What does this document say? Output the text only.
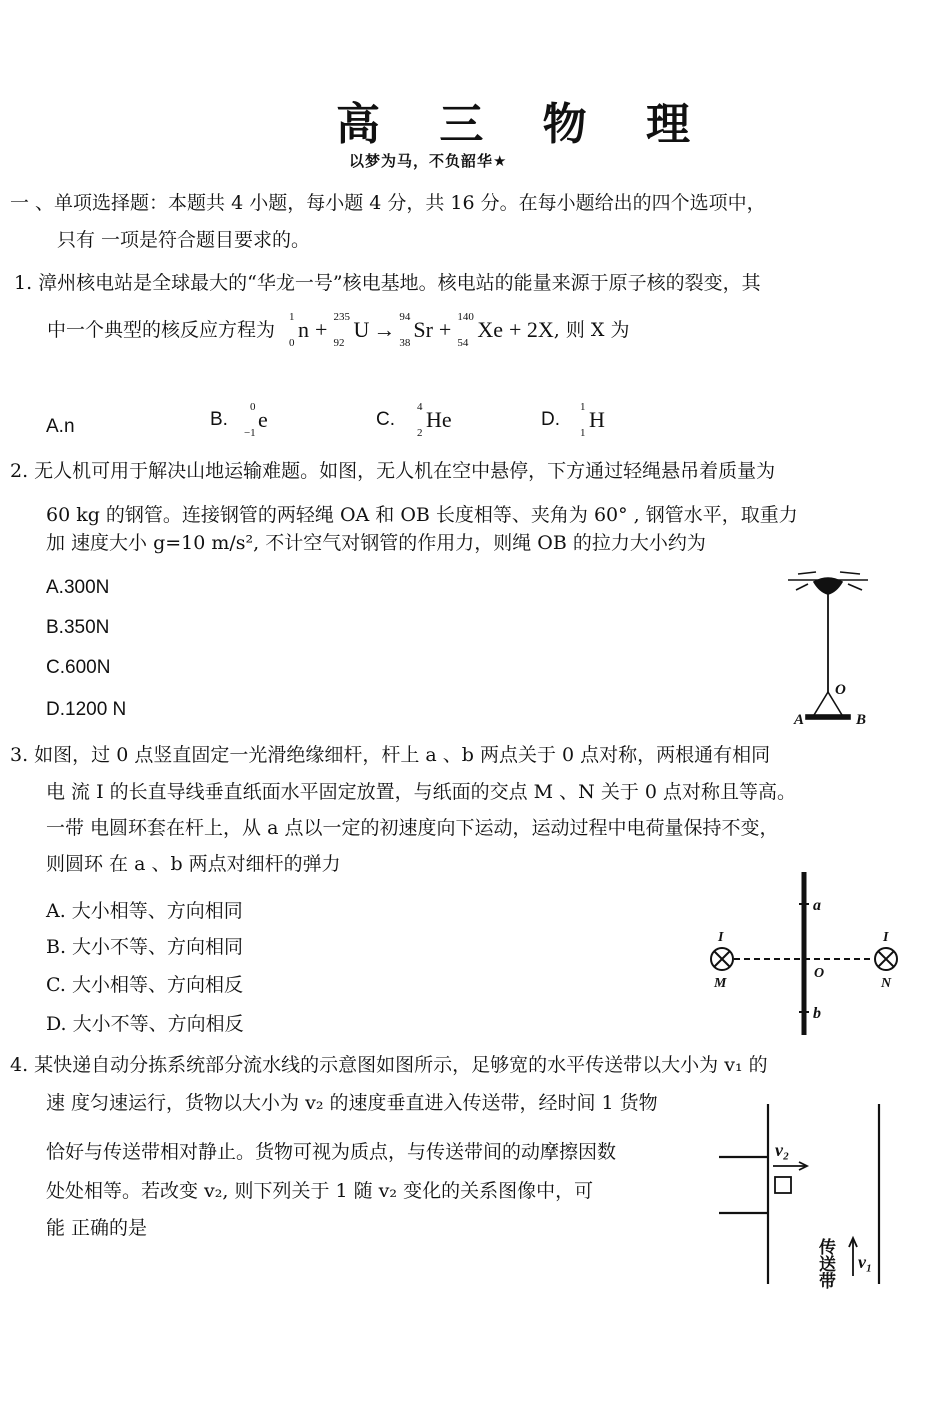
高 三 物 理
以梦为马，不负韶华★
一 、单项选择题：本题共 4 小题，每小题 4 分，共 16 分。在每小题给出的四个选项中，
只有 一项是符合题目要求的。
1. 漳州核电站是全球最大的“华龙一号”核电基地。核电站的能量来源于原子核的裂变，其
中一个典型的核反应方程为
1
0
n + 235
92
U → 94
38
Sr + 140
54
Xe + 2X , 则 X 为
A.n	B.
0
−1
e	C.
4
2
He	D.
1
1
H
2. 无人机可用于解决山地运输难题。如图，无人机在空中悬停，下方通过轻绳悬吊着质量为
60 kg 的钢管。连接钢管的两轻绳 OA 和 OB 长度相等、夹角为 60° , 钢管水平，取重力
加 速度大小 g=10 m/s², 不计空气对钢管的作用力，则绳 OB 的拉力大小约为
A.300N
B.350N
C.600N
D.1200 N
O
A	B
3. 如图，过 0 点竖直固定一光滑绝缘细杆，杆上 a 、b 两点关于 0 点对称，两根通有相同
电 流 I 的长直导线垂直纸面水平固定放置，与纸面的交点 M 、N 关于 0 点对称且等高。
一带 电圆环套在杆上，从 a 点以一定的初速度向下运动，运动过程中电荷量保持不变，
则圆环 在 a 、b 两点对细杆的弹力
A. 大小相等、方向相同
B. 大小不等、方向相同
C. 大小相等、方向相反
D. 大小不等、方向相反
a
b
O
I	I
M	N
4. 某快递自动分拣系统部分流水线的示意图如图所示，足够宽的水平传送带以大小为 v₁ 的
速 度匀速运行，货物以大小为 v₂ 的速度垂直进入传送带，经时间 1 货物
恰好与传送带相对静止。货物可视为质点，与传送带间的动摩擦因数
处处相等。若改变 v₂, 则下列关于 1 随 v₂ 变化的关系图像中，可
能 正确的是
v₂
v₁
传送带
